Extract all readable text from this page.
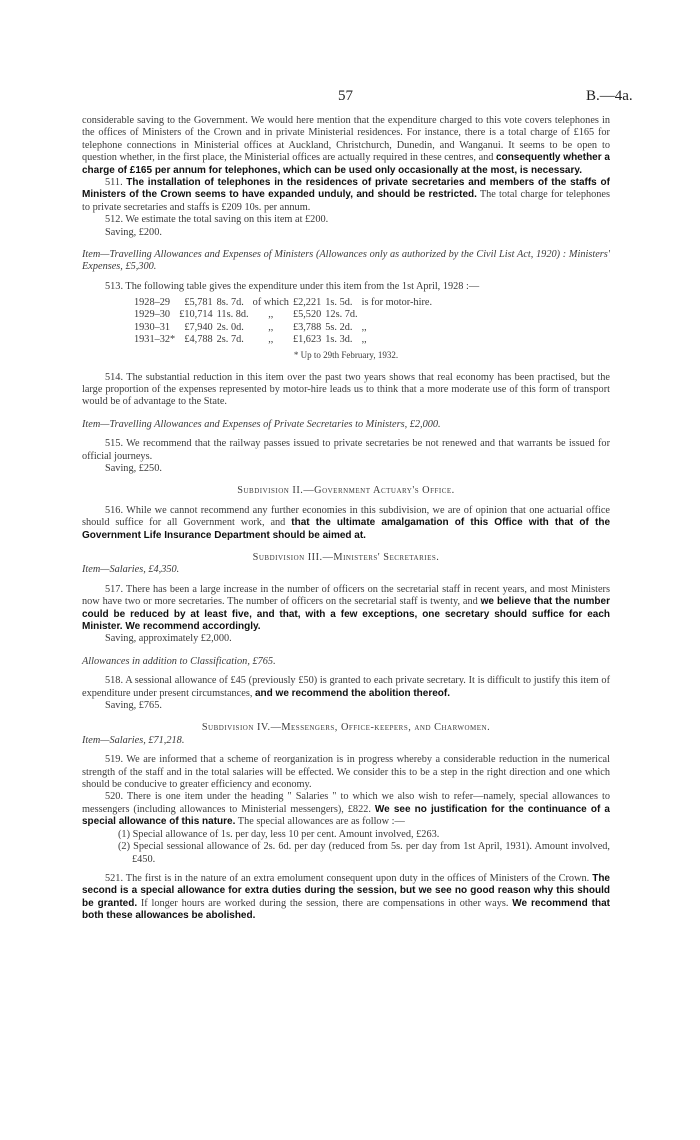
57	B.—4a.

considerable saving to the Government. We would here mention that the expenditure charged to this vote covers telephones in the offices of Ministers of the Crown and in private Ministerial residences. For instance, there is a total charge of £165 for telephone connections in Ministerial offices at Auckland, Christchurch, Dunedin, and Wanganui. It seems to be open to question whether, in the first place, the Ministerial offices are actually required in these centres, and consequently whether a charge of £165 per annum for telephones, which can be used only occasionally at the most, is necessary.

511. The installation of telephones in the residences of private secretaries and members of the staffs of Ministers of the Crown seems to have expanded unduly, and should be restricted. The total charge for telephones to private secretaries and staffs is £209 10s. per annum.

512. We estimate the total saving on this item at £200.

Saving, £200.

Item—Travelling Allowances and Expenses of Ministers (Allowances only as authorized by the Civil List Act, 1920) : Ministers' Expenses, £5,300.

513. The following table gives the expenditure under this item from the 1st April, 1928 :—

1928–29	£5,781	8s. 7d.	of which	£2,221	1s. 5d.	is for motor-hire.
1929–30	£10,714	11s. 8d.	,,	£5,520	12s. 7d.	
1930–31	£7,940	2s. 0d.	,,	£3,788	5s. 2d.	,,
1931–32*	£4,788	2s. 7d.	,,	£1,623	1s. 3d.	,,
* Up to 29th February, 1932.

514. The substantial reduction in this item over the past two years shows that real economy has been practised, but the large proportion of the expenses represented by motor-hire leads us to think that a more moderate use of this form of transport would be of advantage to the State.

Item—Travelling Allowances and Expenses of Private Secretaries to Ministers, £2,000.

515. We recommend that the railway passes issued to private secretaries be not renewed and that warrants be issued for official journeys.

Saving, £250.

Subdivision II.—Government Actuary's Office.

516. While we cannot recommend any further economies in this subdivision, we are of opinion that one actuarial office should suffice for all Government work, and that the ultimate amalgamation of this Office with that of the Government Life Insurance Department should be aimed at.

Subdivision III.—Ministers' Secretaries.

Item—Salaries, £4,350.

517. There has been a large increase in the number of officers on the secretarial staff in recent years, and most Ministers now have two or more secretaries. The number of officers on the secretarial staff is twenty, and we believe that the number could be reduced by at least five, and that, with a few exceptions, one secretary should suffice for each Minister. We recommend accordingly.

Saving, approximately £2,000.

Allowances in addition to Classification, £765.

518. A sessional allowance of £45 (previously £50) is granted to each private secretary. It is difficult to justify this item of expenditure under present circumstances, and we recommend the abolition thereof.

Saving, £765.

Subdivision IV.—Messengers, Office-keepers, and Charwomen.

Item—Salaries, £71,218.

519. We are informed that a scheme of reorganization is in progress whereby a considerable reduction in the numerical strength of the staff and in the total salaries will be effected. We consider this to be a step in the right direction and one which should be conducive to greater efficiency and economy.

520. There is one item under the heading " Salaries " to which we also wish to refer—namely, special allowances to messengers (including allowances to Ministerial messengers), £822. We see no justification for the continuance of a special allowance of this nature. The special allowances are as follow :—

(1) Special allowance of 1s. per day, less 10 per cent. Amount involved, £263.

(2) Special sessional allowance of 2s. 6d. per day (reduced from 5s. per day from 1st April, 1931). Amount involved, £450.

521. The first is in the nature of an extra emolument consequent upon duty in the offices of Ministers of the Crown. The second is a special allowance for extra duties during the session, but we see no good reason why this should be granted. If longer hours are worked during the session, there are compensations in other ways. We recommend that both these allowances be abolished.
